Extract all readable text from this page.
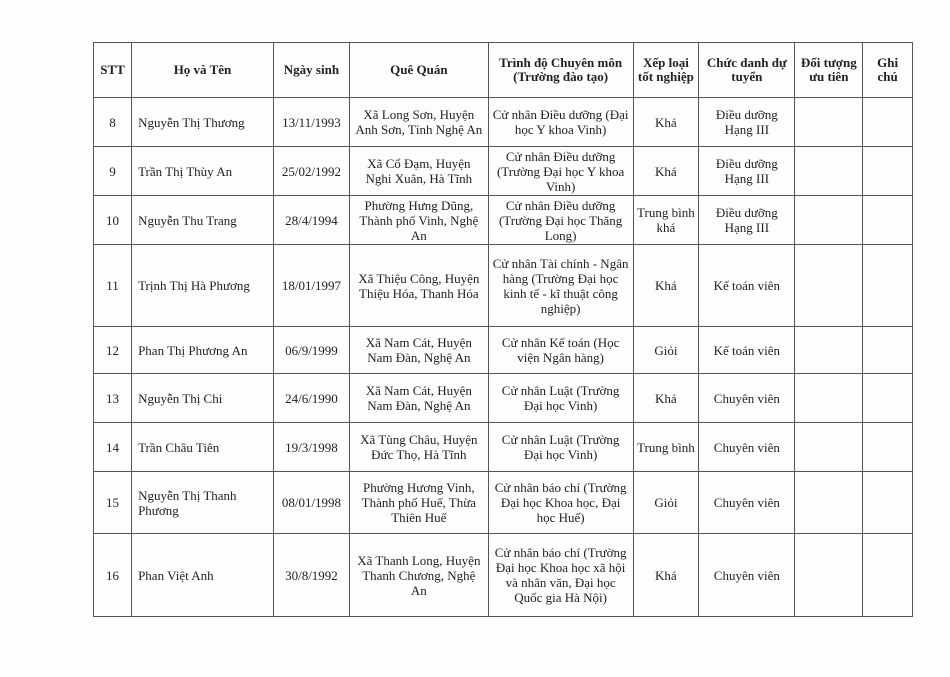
STT	Họ và Tên	Ngày sinh	Quê Quán	Trình độ Chuyên môn (Trường đào tạo)	Xếp loại tốt nghiệp	Chức danh dự tuyển	Đối tượng ưu tiên	Ghi chú
8	Nguyễn Thị Thương	13/11/1993	Xã Long Sơn, Huyện Anh Sơn, Tỉnh Nghệ An	Cử nhân Điều dưỡng (Đại học Y khoa Vinh)	Khá	Điều dưỡng Hạng III		
9	Trần Thị Thùy An	25/02/1992	Xã Cổ Đạm, Huyện Nghi Xuân, Hà Tĩnh	Cử nhân Điều dưỡng (Trường Đại học Y khoa Vinh)	Khá	Điều dưỡng Hạng III		
10	Nguyễn Thu Trang	28/4/1994	Phường Hưng Dũng, Thành phố Vinh, Nghệ An	Cử nhân Điều dưỡng (Trường Đại học Thăng Long)	Trung bình khá	Điều dưỡng Hạng III		
11	Trịnh Thị Hà Phương	18/01/1997	Xã Thiệu Công, Huyện Thiệu Hóa, Thanh Hóa	Cử nhân Tài chính - Ngân hàng (Trường Đại học kinh tế - kĩ thuật công nghiệp)	Khá	Kế toán viên		
12	Phan Thị Phương An	06/9/1999	Xã Nam Cát, Huyện Nam Đàn, Nghệ An	Cử nhân Kế toán (Học viện Ngân hàng)	Giỏi	Kế toán viên		
13	Nguyễn Thị Chi	24/6/1990	Xã Nam Cát, Huyện Nam Đàn, Nghệ An	Cử nhân Luật (Trường Đại học Vinh)	Khá	Chuyên viên		
14	Trần Châu Tiên	19/3/1998	Xã Tùng Châu, Huyện Đức Thọ, Hà Tĩnh	Cử nhân Luật (Trường Đại học Vinh)	Trung bình	Chuyên viên		
15	Nguyễn Thị Thanh Phương	08/01/1998	Phường Hương Vinh, Thành phố Huế, Thừa Thiên Huế	Cử nhân báo chí (Trường Đại học Khoa học, Đại học Huế)	Giỏi	Chuyên viên		
16	Phan Việt Anh	30/8/1992	Xã Thanh Long, Huyện Thanh Chương, Nghệ An	Cử nhân báo chí (Trường Đại học Khoa học xã hội và nhân văn, Đại học Quốc gia Hà Nội)	Khá	Chuyên viên		
